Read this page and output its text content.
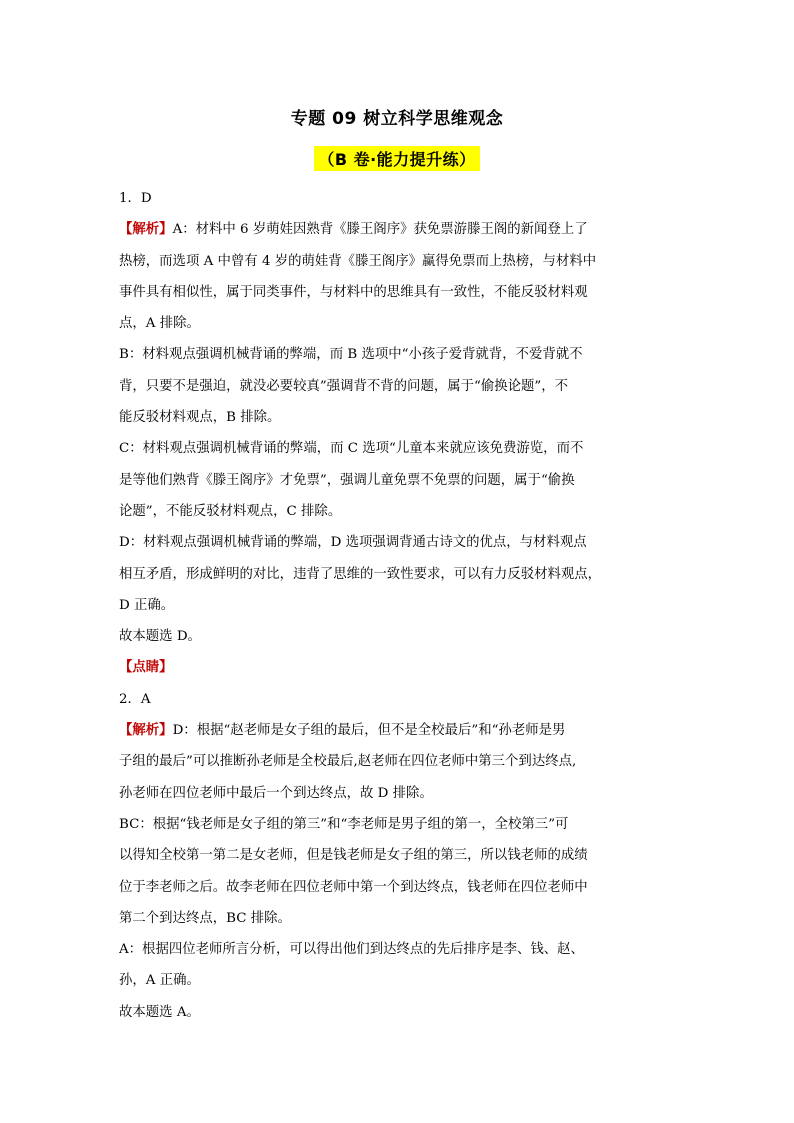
专题 09 树立科学思维观念
（B 卷·能力提升练）
1．D
【解析】A：材料中 6 岁萌娃因熟背《滕王阁序》获免票游滕王阁的新闻登上了
热榜，而选项 A 中曾有 4 岁的萌娃背《滕王阁序》赢得免票而上热榜，与材料中
事件具有相似性，属于同类事件，与材料中的思维具有一致性，不能反驳材料观
点，A 排除。
B：材料观点强调机械背诵的弊端，而 B 选项中“小孩子爱背就背，不爱背就不
背，只要不是强迫，就没必要较真”强调背不背的问题，属于“偷换论题”，不
能反驳材料观点，B 排除。
C：材料观点强调机械背诵的弊端，而 C 选项“儿童本来就应该免费游览，而不
是等他们熟背《滕王阁序》才免票”，强调儿童免票不免票的问题，属于“偷换
论题”，不能反驳材料观点，C 排除。
D：材料观点强调机械背诵的弊端，D 选项强调背通古诗文的优点，与材料观点
相互矛盾，形成鲜明的对比，违背了思维的一致性要求，可以有力反驳材料观点，
D 正确。
故本题选 D。
【点睛】
2．A
【解析】D：根据“赵老师是女子组的最后，但不是全校最后”和“孙老师是男
子组的最后”可以推断孙老师是全校最后,赵老师在四位老师中第三个到达终点,
孙老师在四位老师中最后一个到达终点，故 D 排除。
BC：根据“钱老师是女子组的第三”和“李老师是男子组的第一，全校第三”可
以得知全校第一第二是女老师，但是钱老师是女子组的第三，所以钱老师的成绩
位于李老师之后。故李老师在四位老师中第一个到达终点，钱老师在四位老师中
第二个到达终点，BC 排除。
A：根据四位老师所言分析，可以得出他们到达终点的先后排序是李、钱、赵、
孙，A 正确。
故本题选 A。
